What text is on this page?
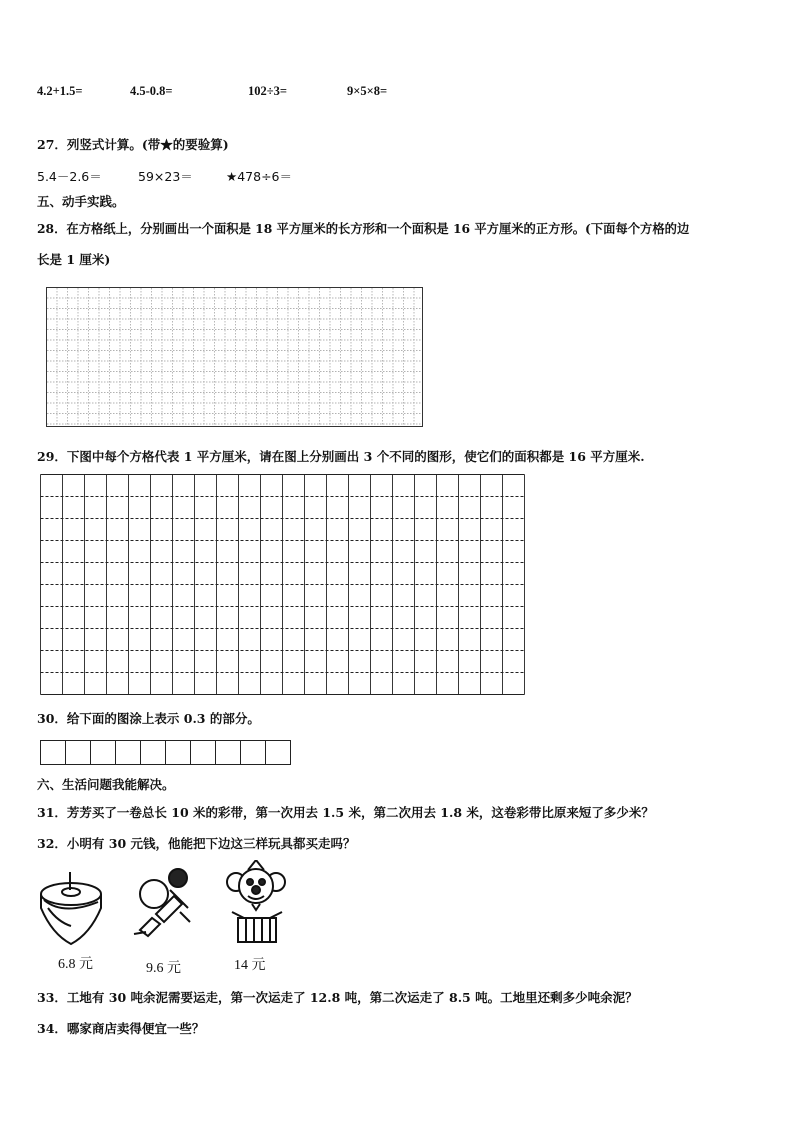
4.2+1.5=	4.5-0.8=	102÷3=	9×5×8=
27．列竖式计算。(带★的要验算)
5.4－2.6＝	59×23＝	★478÷6＝
五、动手实践。
28．在方格纸上，分别画出一个面积是 18 平方厘米的长方形和一个面积是 16 平方厘米的正方形。(下面每个方格的边
长是 1 厘米)
29．下图中每个方格代表 1 平方厘米，请在图上分别画出 3 个不同的图形，使它们的面积都是 16 平方厘米.
30．给下面的图涂上表示 0.3 的部分。
六、生活问题我能解决。
31．芳芳买了一卷总长 10 米的彩带，第一次用去 1.5 米，第二次用去 1.8 米，这卷彩带比原来短了多少米？
32．小明有 30 元钱，他能把下边这三样玩具都买走吗？
6.8 元	9.6 元	14 元
33．工地有 30 吨余泥需要运走，第一次运走了 12.8 吨，第二次运走了 8.5 吨。工地里还剩多少吨余泥？
34．哪家商店卖得便宜一些？
